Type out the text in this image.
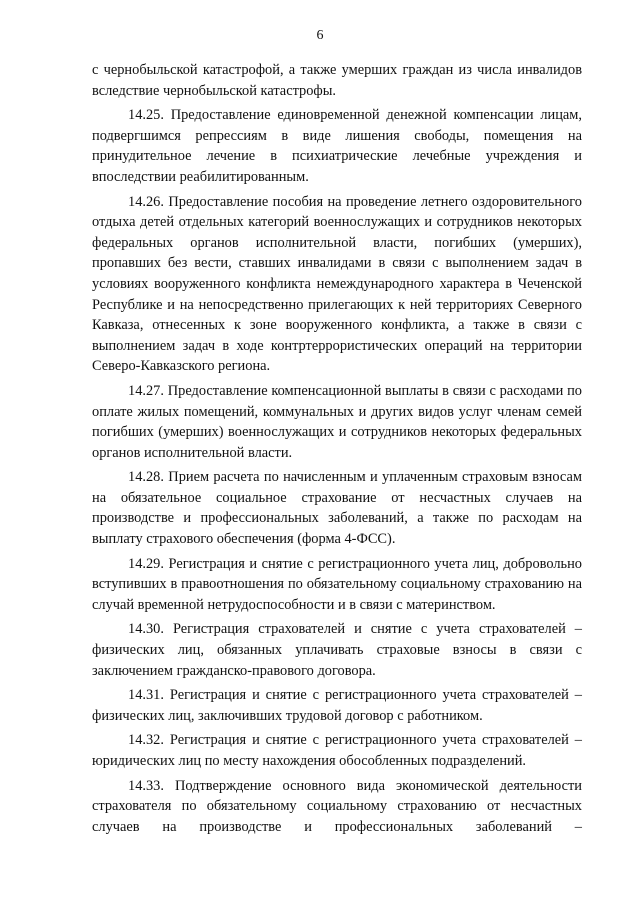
6

с чернобыльской катастрофой, а также умерших граждан из числа инвалидов вследствие чернобыльской катастрофы.

14.25. Предоставление единовременной денежной компенсации лицам, подвергшимся репрессиям в виде лишения свободы, помещения на принудительное лечение в психиатрические лечебные учреждения и впоследствии реабилитированным.

14.26. Предоставление пособия на проведение летнего оздоровительного отдыха детей отдельных категорий военнослужащих и сотрудников некоторых федеральных органов исполнительной власти, погибших (умерших), пропавших без вести, ставших инвалидами в связи с выполнением задач в условиях вооруженного конфликта немеждународного характера в Чеченской Республике и на непосредственно прилегающих к ней территориях Северного Кавказа, отнесенных к зоне вооруженного конфликта, а также в связи с выполнением задач в ходе контртеррористических операций на территории Северо-Кавказского региона.

14.27. Предоставление компенсационной выплаты в связи с расходами по оплате жилых помещений, коммунальных и других видов услуг членам семей погибших (умерших) военнослужащих и сотрудников некоторых федеральных органов исполнительной власти.

14.28. Прием расчета по начисленным и уплаченным страховым взносам на обязательное социальное страхование от несчастных случаев на производстве и профессиональных заболеваний, а также по расходам на выплату страхового обеспечения (форма 4-ФСС).

14.29. Регистрация и снятие с регистрационного учета лиц, добровольно вступивших в правоотношения по обязательному социальному страхованию на случай временной нетрудоспособности и в связи с материнством.

14.30. Регистрация страхователей и снятие с учета страхователей – физических лиц, обязанных уплачивать страховые взносы в связи с заключением гражданско-правового договора.

14.31. Регистрация и снятие с регистрационного учета страхователей – физических лиц, заключивших трудовой договор с работником.

14.32. Регистрация и снятие с регистрационного учета страхователей – юридических лиц по месту нахождения обособленных подразделений.

14.33. Подтверждение основного вида экономической деятельности страхователя по обязательному социальному страхованию от несчастных случаев на производстве и профессиональных заболеваний –
